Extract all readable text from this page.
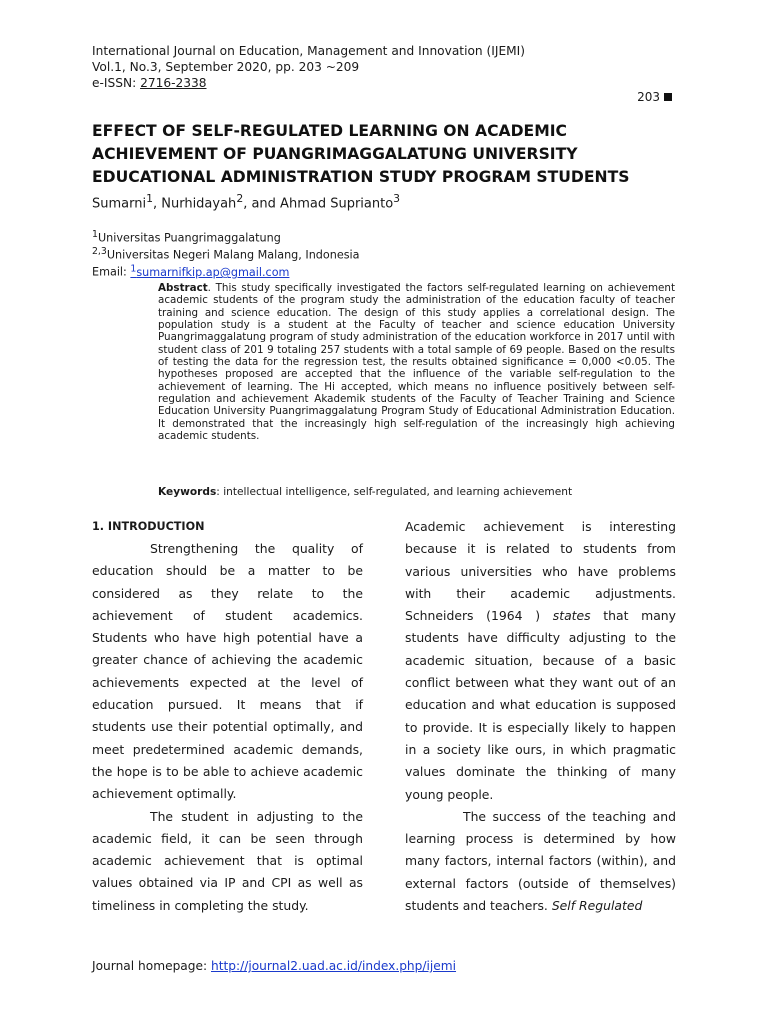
International Journal on Education, Management and Innovation (IJEMI)
Vol.1, No.3, September 2020, pp. 203 ~209
e-ISSN: 2716-2338
203
EFFECT OF SELF-REGULATED LEARNING ON ACADEMIC ACHIEVEMENT OF PUANGRIMAGGALATUNG UNIVERSITY EDUCATIONAL ADMINISTRATION STUDY PROGRAM STUDENTS
Sumarni$^1$, Nurhidayah$^2$, and Ahmad Suprianto$^3$
$^1$Universitas Puangrimaggalatung
$^{2,3}$Universitas Negeri Malang Malang, Indonesia
Email: $^1$sumarnifkip.ap@gmail.com

Abstract. This study specifically investigated the factors self-regulated learning on achievement academic students of the program study the administration of the education faculty of teacher training and science education. The design of this study applies a correlational design. The population study is a student at the Faculty of teacher and science education University Puangrimaggalatung program of study administration of the education workforce in 2017 until with student class of 201 9 totaling 257 students with a total sample of 69 people. Based on the results of testing the data for the regression test, the results obtained significance = 0,000 <0.05. The hypotheses proposed are accepted that the influence of the variable self-regulation to the achievement of learning. The Hi accepted, which means no influence positively between self-regulation and achievement Akademik students of the Faculty of Teacher Training and Science Education University Puangrimaggalatung Program Study of Educational Administration Education. It demonstrated that the increasingly high self-regulation of the increasingly high achieving academic students.

Keywords: intellectual intelligence, self-regulated, and learning achievement
1. INTRODUCTION

Strengthening the quality of education should be a matter to be considered as they relate to the achievement of student academics. Students who have high potential have a greater chance of achieving the academic achievements expected at the level of education pursued. It means that if students use their potential optimally, and meet predetermined academic demands, the hope is to be able to achieve academic achievement optimally.

The student in adjusting to the academic field, it can be seen through academic achievement that is optimal values obtained via IP and CPI as well as timeliness in completing the study.

Academic achievement is interesting because it is related to students from various universities who have problems with their academic adjustments. Schneiders (1964 ) states that many students have difficulty adjusting to the academic situation, because of a basic conflict between what they want out of an education and what education is supposed to provide. It is especially likely to happen in a society like ours, in which pragmatic values dominate the thinking of many young people.

The success of the teaching and learning process is determined by how many factors, internal factors (within), and external factors (outside of themselves) students and teachers. Self Regulated

Journal homepage: http://journal2.uad.ac.id/index.php/ijemi
